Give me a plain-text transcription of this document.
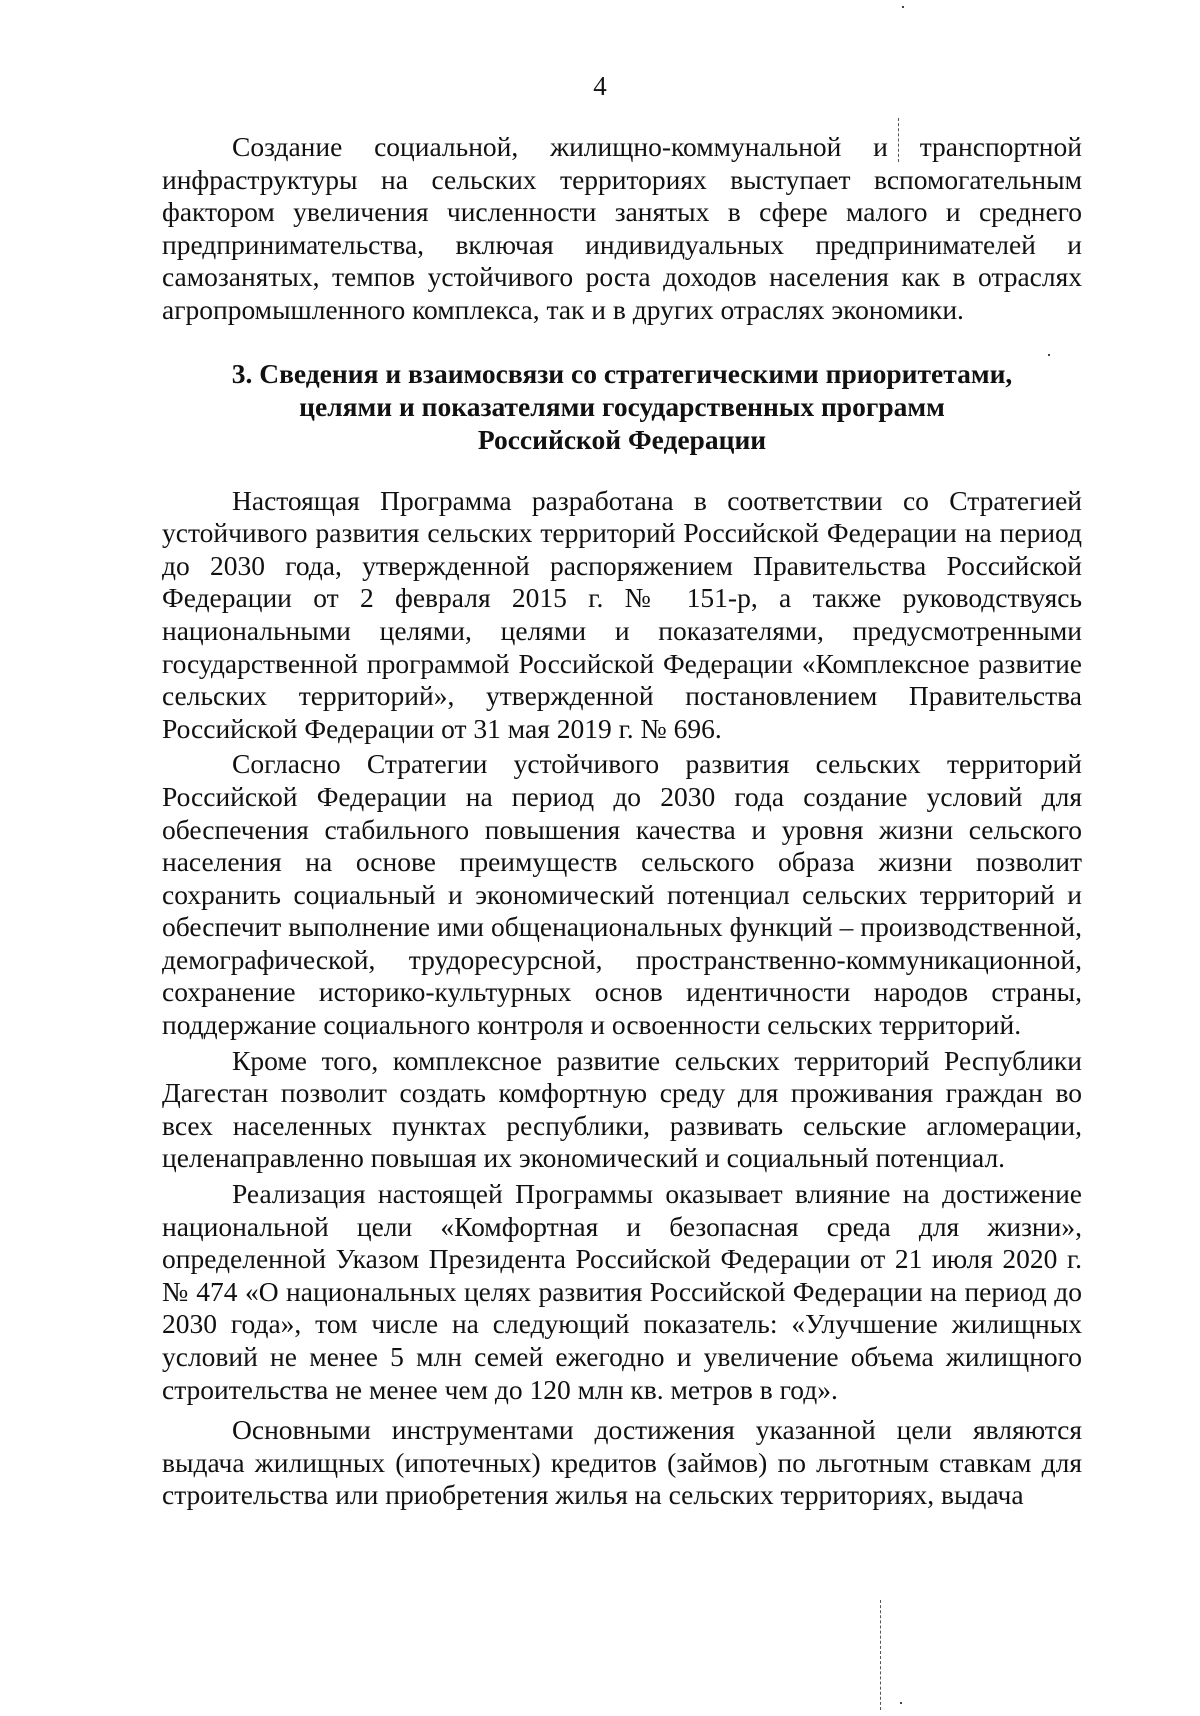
4

Создание социальной, жилищно-коммунальной и транспортной инфраструктуры на сельских территориях выступает вспомогательным фактором увеличения численности занятых в сфере малого и среднего предпринимательства, включая индивидуальных предпринимателей и самозанятых, темпов устойчивого роста доходов населения как в отраслях агропромышленного комплекса, так и в других отраслях экономики.

3. Сведения и взаимосвязи со стратегическими приоритетами,
целями и показателями государственных программ
Российской Федерации

Настоящая Программа разработана в соответствии со Стратегией устойчивого развития сельских территорий Российской Федерации на период до 2030 года, утвержденной распоряжением Правительства Российской Федерации от 2 февраля 2015 г. № 151-р, а также руководствуясь национальными целями, целями и показателями, предусмотренными государственной программой Российской Федерации «Комплексное развитие сельских территорий», утвержденной постановлением Правительства Российской Федерации от 31 мая 2019 г. № 696.

Согласно Стратегии устойчивого развития сельских территорий Российской Федерации на период до 2030 года создание условий для обеспечения стабильного повышения качества и уровня жизни сельского населения на основе преимуществ сельского образа жизни позволит сохранить социальный и экономический потенциал сельских территорий и обеспечит выполнение ими общенациональных функций – производственной, демографической, трудоресурсной, пространственно-коммуникационной, сохранение историко-культурных основ идентичности народов страны, поддержание социального контроля и освоенности сельских территорий.

Кроме того, комплексное развитие сельских территорий Республики Дагестан позволит создать комфортную среду для проживания граждан во всех населенных пунктах республики, развивать сельские агломерации, целенаправленно повышая их экономический и социальный потенциал.

Реализация настоящей Программы оказывает влияние на достижение национальной цели «Комфортная и безопасная среда для жизни», определенной Указом Президента Российской Федерации от 21 июля 2020 г. № 474 «О национальных целях развития Российской Федерации на период до 2030 года», том числе на следующий показатель: «Улучшение жилищных условий не менее 5 млн семей ежегодно и увеличение объема жилищного строительства не менее чем до 120 млн кв. метров в год».

Основными инструментами достижения указанной цели являются выдача жилищных (ипотечных) кредитов (займов) по льготным ставкам для строительства или приобретения жилья на сельских территориях, выдача
